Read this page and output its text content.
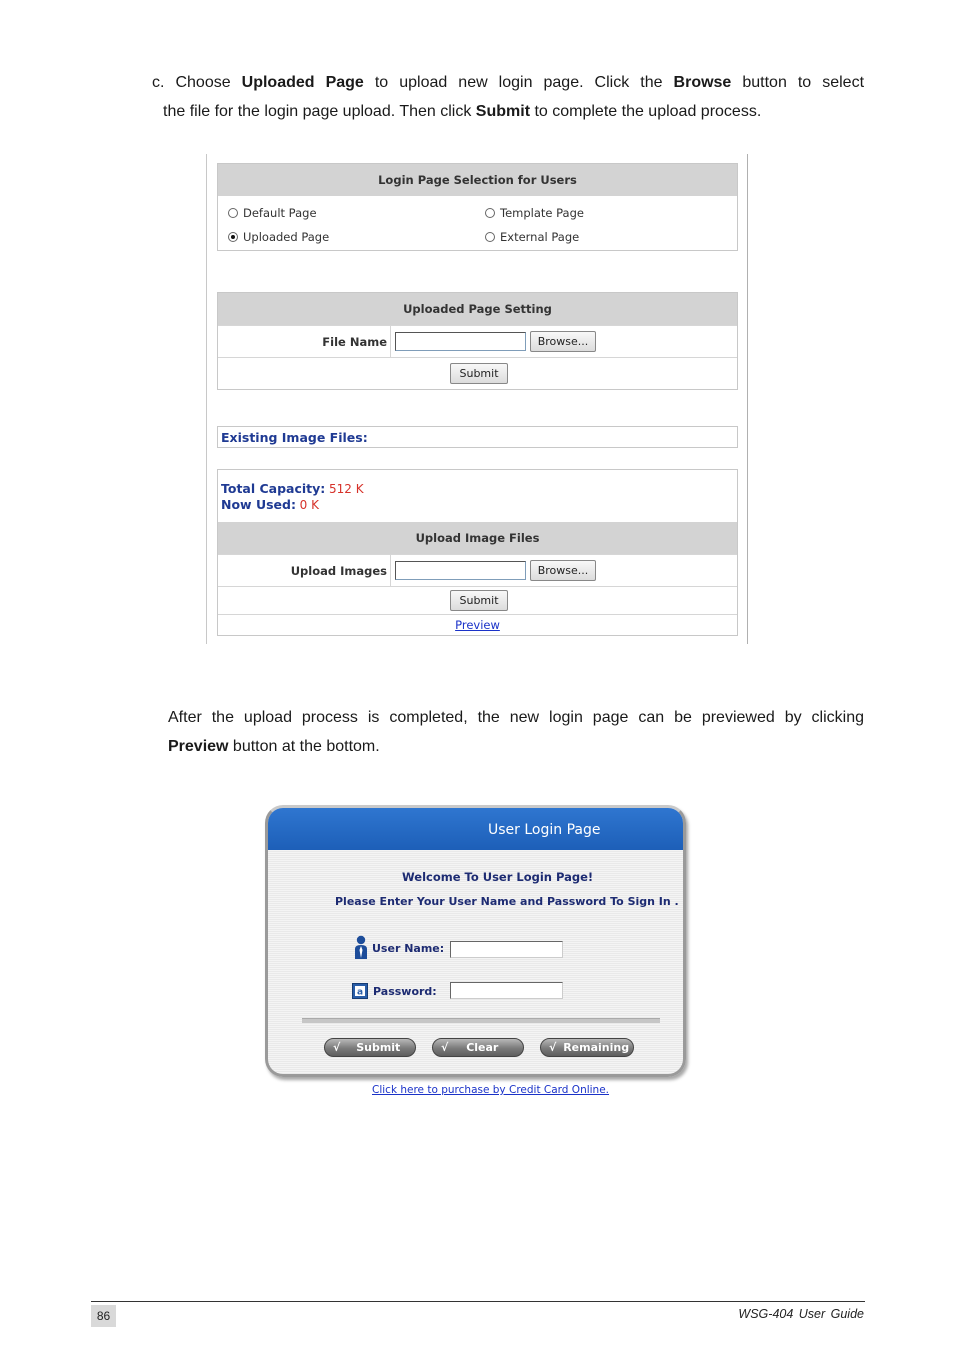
c. Choose Uploaded Page to upload new login page. Click the Browse button to select
the file for the login page upload. Then click Submit to complete the upload process.
Login Page Selection for Users
Default Page	Template Page
Uploaded Page	External Page
Uploaded Page Setting
File Name	Browse...
Submit
Existing Image Files:
Total Capacity: 512 K
Now Used: 0 K
Upload Image Files
Upload Images	Browse...
Submit
Preview
After the upload process is completed, the new login page can be previewed by clicking
Preview button at the bottom.
User Login Page
Welcome To User Login Page!
Please Enter Your User Name and Password To Sign In .
User Name:
a Password:
√ Submit	√ Clear	√ Remaining
Click here to purchase by Credit Card Online.
86	WSG-404 User Guide
